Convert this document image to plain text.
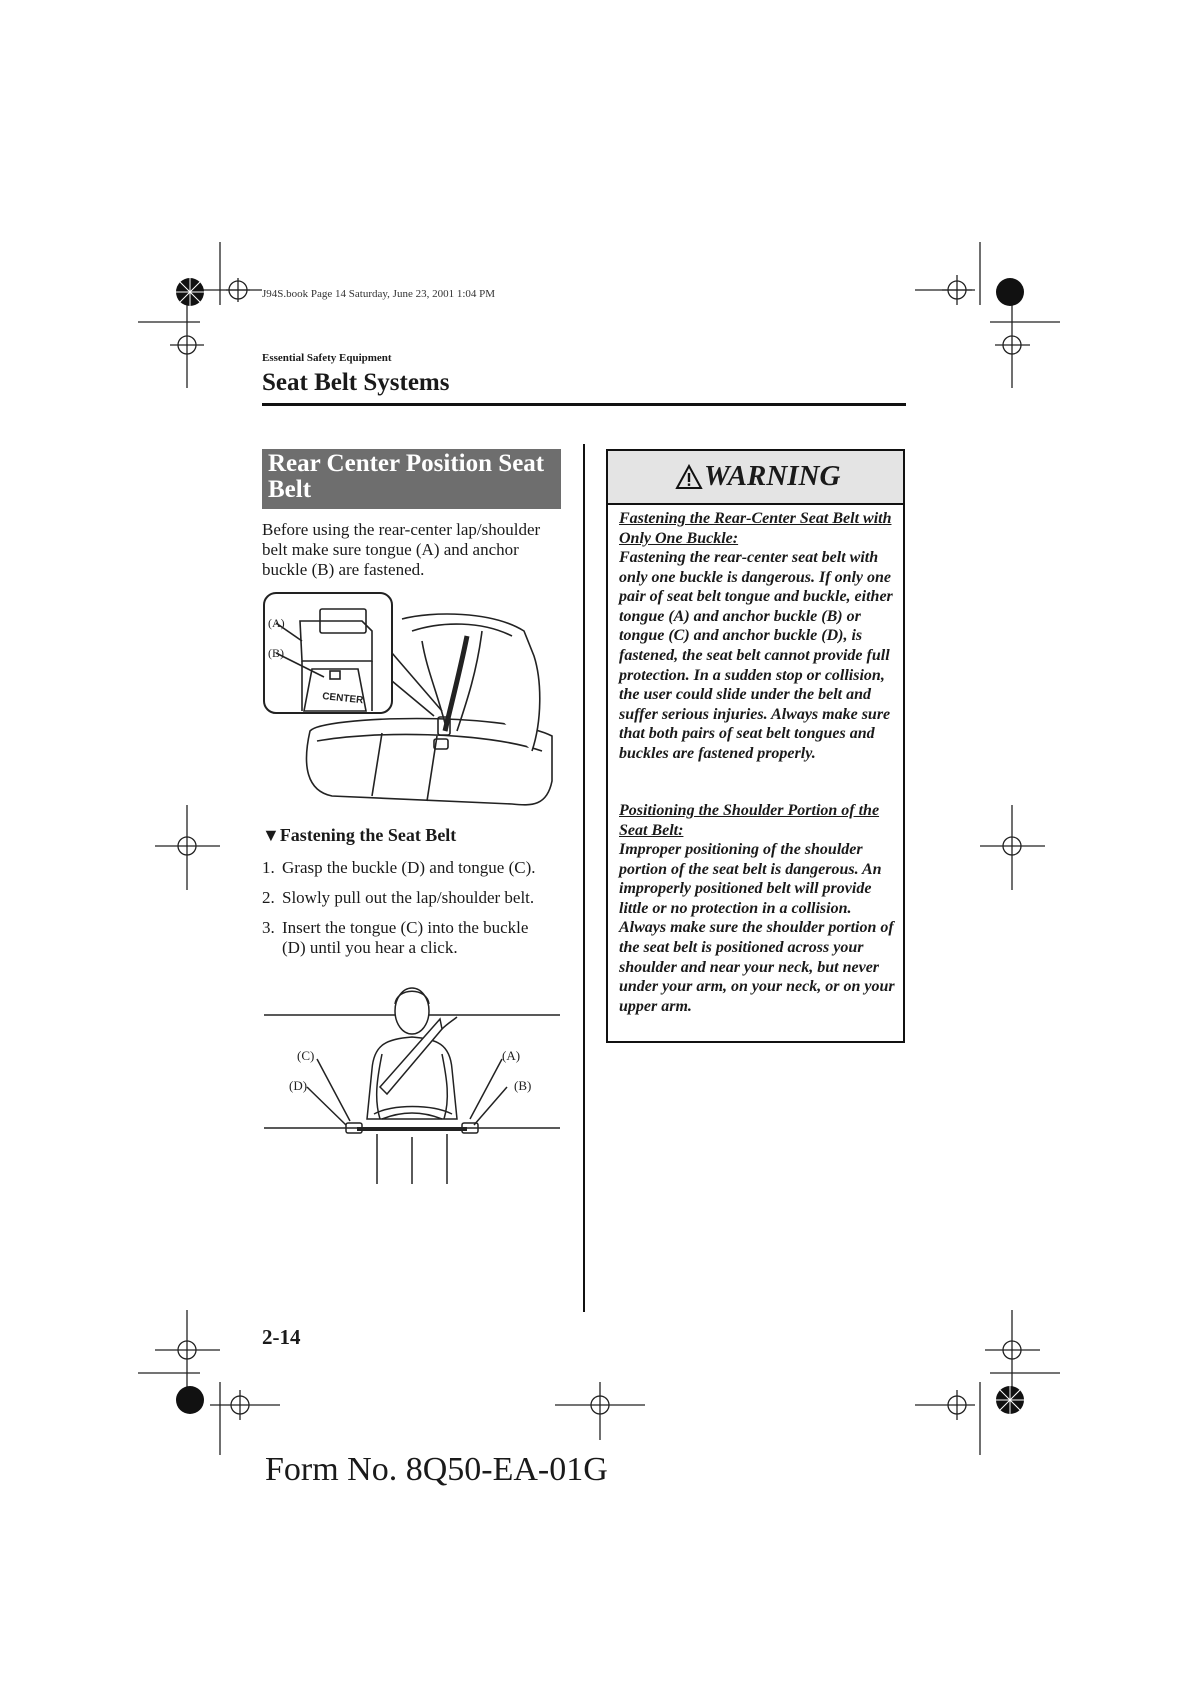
J94S.book Page 14 Saturday, June 23, 2001 1:04 PM
Essential Safety Equipment
Seat Belt Systems
Rear Center Position Seat
Belt
Before using the rear-center lap/shoulder belt make sure tongue (A) and anchor buckle (B) are fastened.
(A)
(B)
CENTER
▼Fastening the Seat Belt
1. Grasp the buckle (D) and tongue (C).
2. Slowly pull out the lap/shoulder belt.
3. Insert the tongue (C) into the buckle
(D) until you hear a click.
(C)	(A)
(D)	(B)
WARNING
Fastening the Rear-Center Seat Belt with Only One Buckle:
Fastening the rear-center seat belt with only one buckle is dangerous. If only one pair of seat belt tongue and buckle, either tongue (A) and anchor buckle (B) or tongue (C) and anchor buckle (D), is fastened, the seat belt cannot provide full protection. In a sudden stop or collision, the user could slide under the belt and suffer serious injuries. Always make sure that both pairs of seat belt tongues and buckles are fastened properly.
Positioning the Shoulder Portion of the Seat Belt:
Improper positioning of the shoulder portion of the seat belt is dangerous. An improperly positioned belt will provide little or no protection in a collision. Always make sure the shoulder portion of the seat belt is positioned across your shoulder and near your neck, but never under your arm, on your neck, or on your upper arm.
2-14
Form No. 8Q50-EA-01G
